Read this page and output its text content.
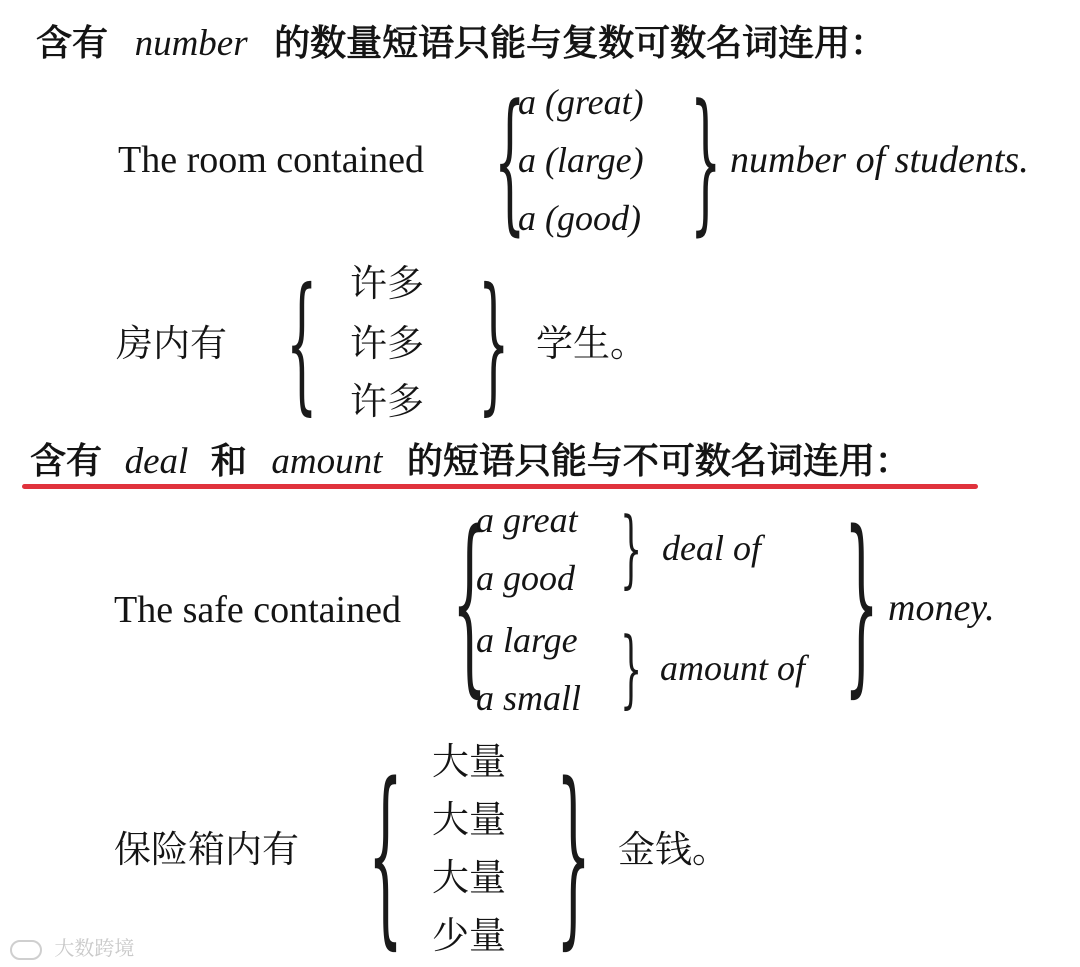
含有 number 的数量短语只能与复数可数名词连用：
The room contained {
a (great)
a (large)
a (good) } number of students.
房内有 { 许多
许多
许多 } 学生。
含有 deal 和 amount 的短语只能与不可数名词连用：
The safe contained {
a great
a good } deal of
a large
a small } amount of } money.
保险箱内有 { 大量
大量
大量
少量 } 金钱。
大数跨境
